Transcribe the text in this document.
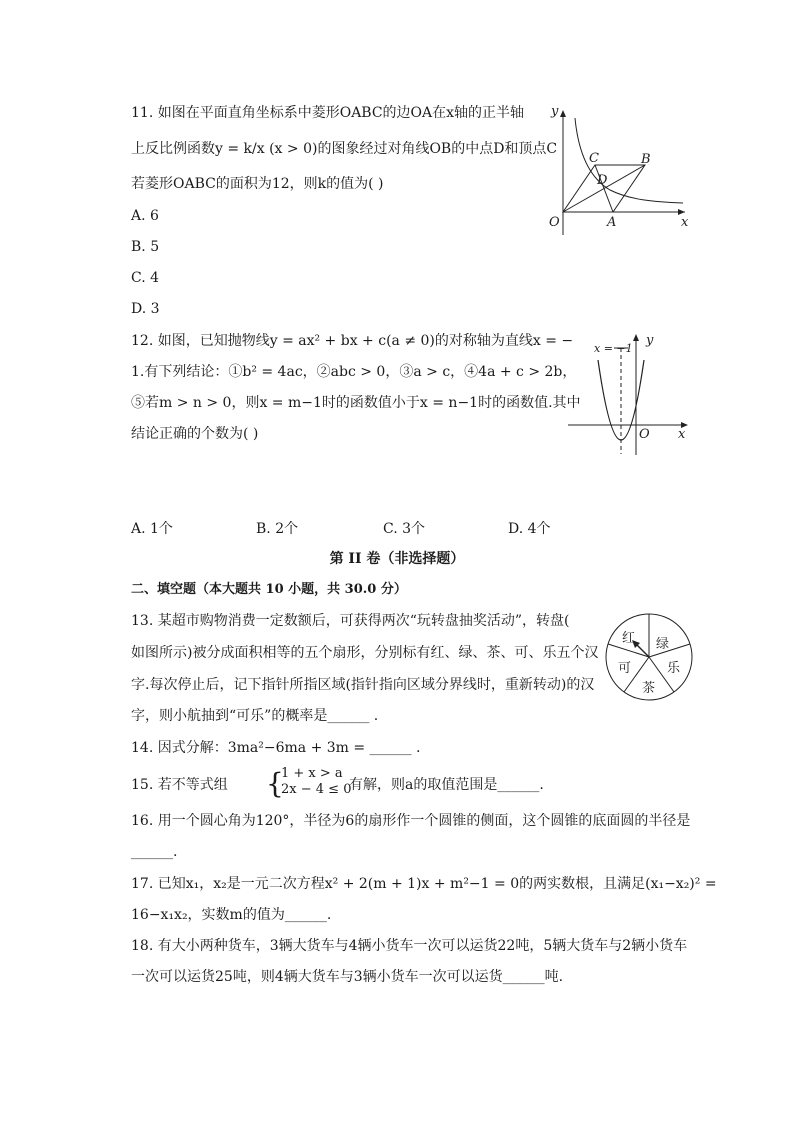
11. 如图在平面直角坐标系中菱形OABC的边OA在x轴的正半轴
上反比例函数y = k/x (x > 0)的图象经过对角线OB的中点D和顶点C
若菱形OABC的面积为12，则k的值为( )
A. 6
B. 5
C. 4
D. 3
y
x
O	A
B
C
D
12. 如图，已知抛物线y = ax² + bx + c(a ≠ 0)的对称轴为直线x = −
1.有下列结论：①b² = 4ac，②abc > 0，③a > c，④4a + c > 2b，
⑤若m > n > 0，则x = m−1时的函数值小于x = n−1时的函数值.其中
结论正确的个数为( )
A. 1个	B. 2个	C. 3个	D. 4个
x = −1
y
x
O
第 II 卷（非选择题）
二、填空题（本大题共 10 小题，共 30.0 分）
13. 某超市购物消费一定数额后，可获得两次“玩转盘抽奖活动”，转盘(
如图所示)被分成面积相等的五个扇形，分别标有红、绿、茶、可、乐五个汉
字.每次停止后，记下指针所指区域(指针指向区域分界线时，重新转动)的汉
字，则小航抽到“可乐”的概率是______ .
红 绿
乐
茶
可
14. 因式分解：3ma²−6ma + 3m = ______ .
15. 若不等式组 {
1 + x > a
2x − 4 ≤ 0
有解，则a的取值范围是______.
16. 用一个圆心角为120°，半径为6的扇形作一个圆锥的侧面，这个圆锥的底面圆的半径是
______.
17. 已知x₁，x₂是一元二次方程x² + 2(m + 1)x + m²−1 = 0的两实数根，且满足(x₁−x₂)² =
16−x₁x₂，实数m的值为______.
18. 有大小两种货车，3辆大货车与4辆小货车一次可以运货22吨，5辆大货车与2辆小货车
一次可以运货25吨，则4辆大货车与3辆小货车一次可以运货______吨.
